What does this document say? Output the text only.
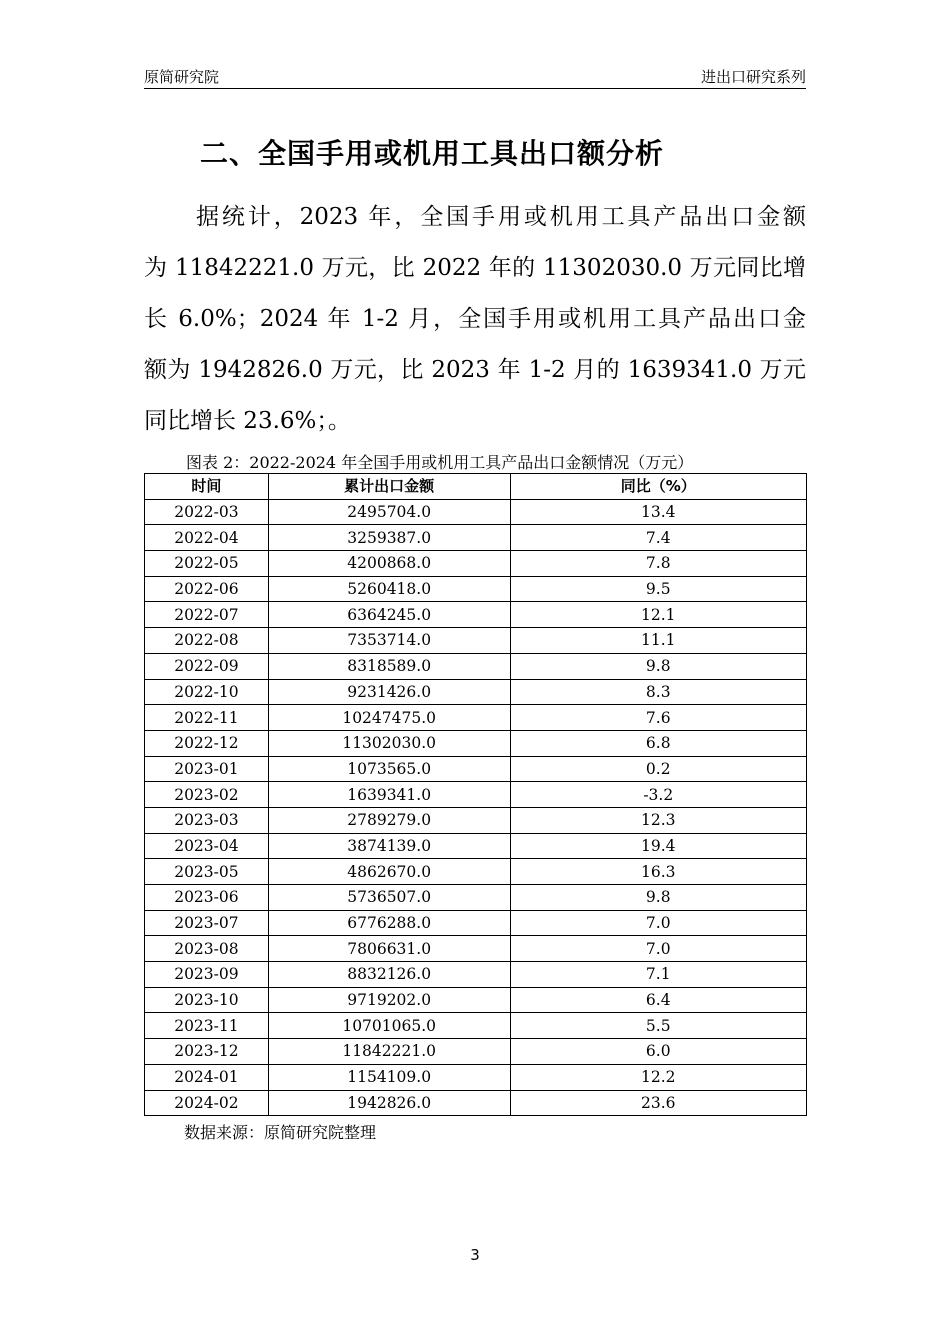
原简研究院	进出口研究系列
二、全国手用或机用工具出口额分析
据统计，2023 年，全国手用或机用工具产品出口金额
为 11842221.0 万元，比 2022 年的 11302030.0 万元同比增
长 6.0%；2024 年 1-2 月，全国手用或机用工具产品出口金
额为 1942826.0 万元，比 2023 年 1-2 月的 1639341.0 万元
同比增长 23.6%；。
图表 2：2022-2024 年全国手用或机用工具产品出口金额情况（万元）
时间	累计出口金额	同比（%）
2022-03	2495704.0	13.4
2022-04	3259387.0	7.4
2022-05	4200868.0	7.8
2022-06	5260418.0	9.5
2022-07	6364245.0	12.1
2022-08	7353714.0	11.1
2022-09	8318589.0	9.8
2022-10	9231426.0	8.3
2022-11	10247475.0	7.6
2022-12	11302030.0	6.8
2023-01	1073565.0	0.2
2023-02	1639341.0	-3.2
2023-03	2789279.0	12.3
2023-04	3874139.0	19.4
2023-05	4862670.0	16.3
2023-06	5736507.0	9.8
2023-07	6776288.0	7.0
2023-08	7806631.0	7.0
2023-09	8832126.0	7.1
2023-10	9719202.0	6.4
2023-11	10701065.0	5.5
2023-12	11842221.0	6.0
2024-01	1154109.0	12.2
2024-02	1942826.0	23.6
数据来源：原简研究院整理
3
